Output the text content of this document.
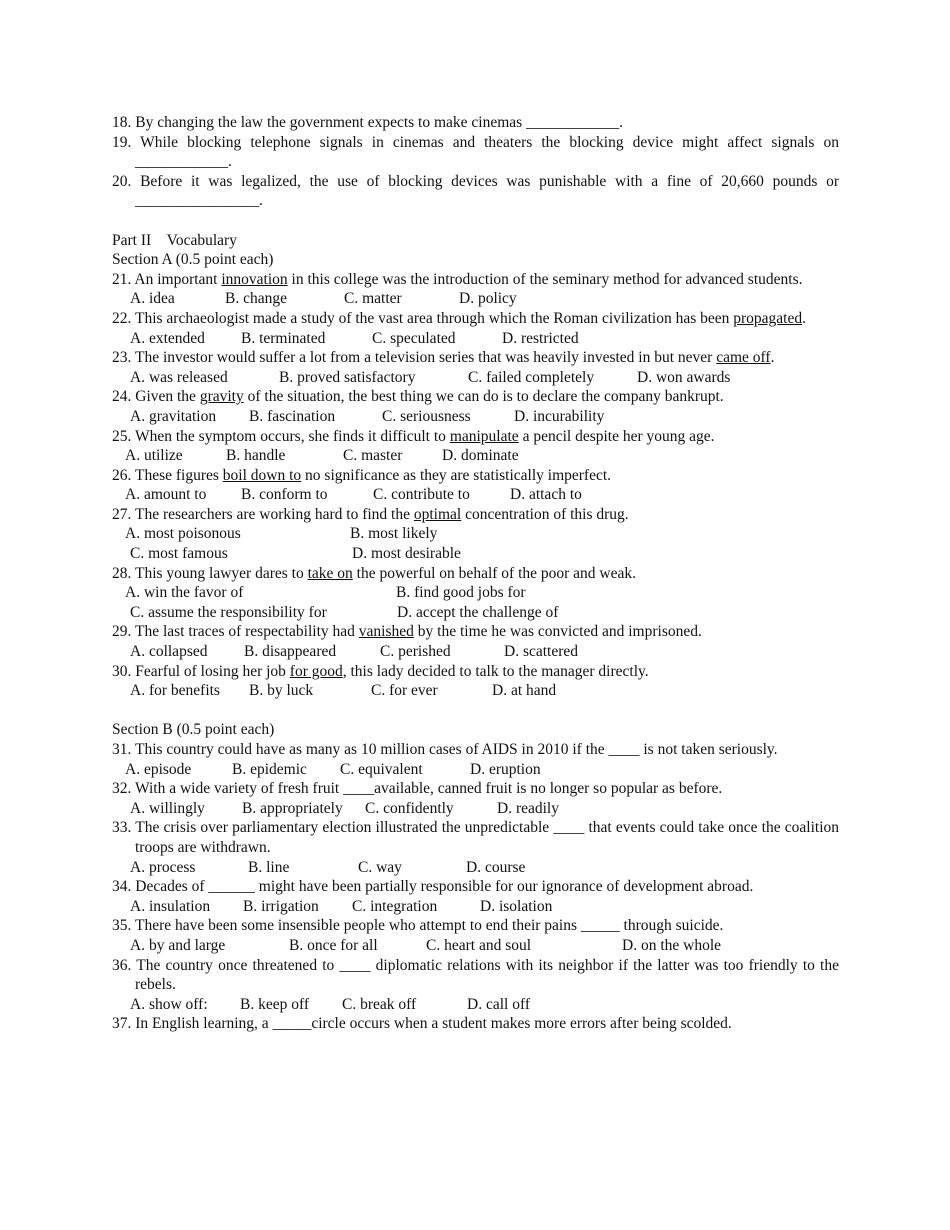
18. By changing the law the government expects to make cinemas ____________.

19. While blocking telephone signals in cinemas and theaters the blocking device might affect signals on ____________.

20. Before it was legalized, the use of blocking devices was punishable with a fine of 20,660 pounds or ________________.

Part II Vocabulary

Section A (0.5 point each)

21. An important innovation in this college was the introduction of the seminary method for advanced students.

A. idea	B. change	C. matter	D. policy

22. This archaeologist made a study of the vast area through which the Roman civilization has been propagated.

A. extended B. terminated	C. speculated	D. restricted

23. The investor would suffer a lot from a television series that was heavily invested in but never came off.

A. was released	B. proved satisfactory	C. failed completely	D. won awards

24. Given the gravity of the situation, the best thing we can do is to declare the company bankrupt.

A. gravitation B. fascination	C. seriousness	D. incurability

25. When the symptom occurs, she finds it difficult to manipulate a pencil despite her young age.

A. utilize	B. handle	C. master	D. dominate

26. These figures boil down to no significance as they are statistically imperfect.

A. amount to B. conform to	C. contribute to	D. attach to

27. The researchers are working hard to find the optimal concentration of this drug.

A. most poisonous	B. most likely
C. most famous	D. most desirable

28. This young lawyer dares to take on the powerful on behalf of the poor and weak.

A. win the favor of	B. find good jobs for
C. assume the responsibility for	D. accept the challenge of

29. The last traces of respectability had vanished by the time he was convicted and imprisoned.

A. collapsed B. disappeared	C. perished	D. scattered

30. Fearful of losing her job for good, this lady decided to talk to the manager directly.

A. for benefits B. by luck	C. for ever	D. at hand

Section B (0.5 point each)

31. This country could have as many as 10 million cases of AIDS in 2010 if the ____ is not taken seriously.

A. episode	B. epidemic C. equivalent	D. eruption

32. With a wide variety of fresh fruit ____available, canned fruit is no longer so popular as before.

A. willingly B. appropriately C. confidently	D. readily

33. The crisis over parliamentary election illustrated the unpredictable ____ that events could take once the coalition troops are withdrawn.

A. process	B. line	C. way	D. course

34. Decades of ______ might have been partially responsible for our ignorance of development abroad.

A. insulation B. irrigation C. integration	D. isolation

35. There have been some insensible people who attempt to end their pains _____ through suicide.

A. by and large	B. once for all	C. heart and soul	D. on the whole

36. The country once threatened to ____ diplomatic relations with its neighbor if the latter was too friendly to the rebels.

A. show off: B. keep off C. break off	D. call off

37. In English learning, a _____circle occurs when a student makes more errors after being scolded.
